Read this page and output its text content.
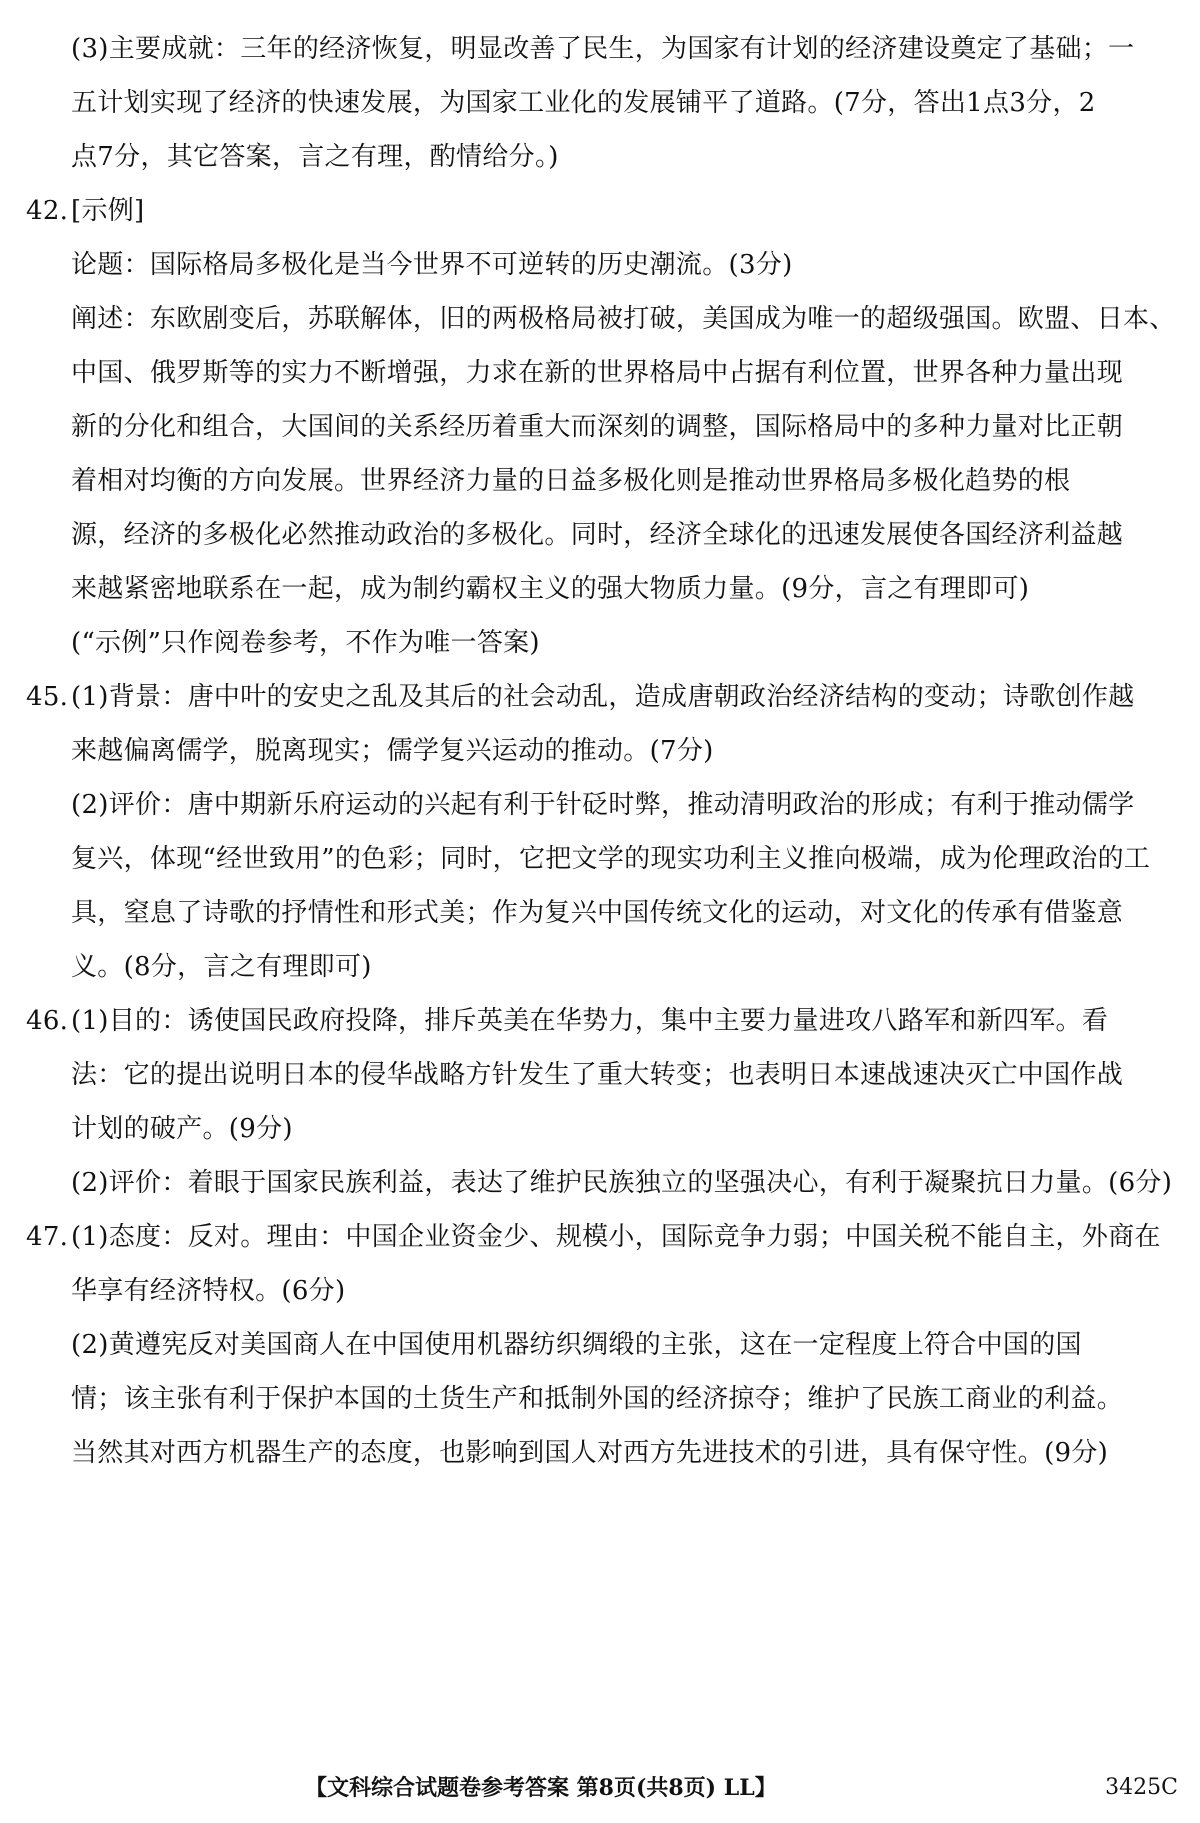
(3)主要成就：三年的经济恢复，明显改善了民生，为国家有计划的经济建设奠定了基础；一
五计划实现了经济的快速发展，为国家工业化的发展铺平了道路。(7分，答出1点3分，2
点7分，其它答案，言之有理，酌情给分。)
42. [示例]
论题：国际格局多极化是当今世界不可逆转的历史潮流。(3分)
阐述：东欧剧变后，苏联解体，旧的两极格局被打破，美国成为唯一的超级强国。欧盟、日本、
中国、俄罗斯等的实力不断增强，力求在新的世界格局中占据有利位置，世界各种力量出现
新的分化和组合，大国间的关系经历着重大而深刻的调整，国际格局中的多种力量对比正朝
着相对均衡的方向发展。世界经济力量的日益多极化则是推动世界格局多极化趋势的根
源，经济的多极化必然推动政治的多极化。同时，经济全球化的迅速发展使各国经济利益越
来越紧密地联系在一起，成为制约霸权主义的强大物质力量。(9分，言之有理即可)
(“示例”只作阅卷参考，不作为唯一答案)
45. (1)背景：唐中叶的安史之乱及其后的社会动乱，造成唐朝政治经济结构的变动；诗歌创作越
来越偏离儒学，脱离现实；儒学复兴运动的推动。(7分)
(2)评价：唐中期新乐府运动的兴起有利于针砭时弊，推动清明政治的形成；有利于推动儒学
复兴，体现“经世致用”的色彩；同时，它把文学的现实功利主义推向极端，成为伦理政治的工
具，窒息了诗歌的抒情性和形式美；作为复兴中国传统文化的运动，对文化的传承有借鉴意
义。(8分，言之有理即可)
46. (1)目的：诱使国民政府投降，排斥英美在华势力，集中主要力量进攻八路军和新四军。看
法：它的提出说明日本的侵华战略方针发生了重大转变；也表明日本速战速决灭亡中国作战
计划的破产。(9分)
(2)评价：着眼于国家民族利益，表达了维护民族独立的坚强决心，有利于凝聚抗日力量。(6分)
47. (1)态度：反对。理由：中国企业资金少、规模小，国际竞争力弱；中国关税不能自主，外商在
华享有经济特权。(6分)
(2)黄遵宪反对美国商人在中国使用机器纺织绸缎的主张，这在一定程度上符合中国的国
情；该主张有利于保护本国的土货生产和抵制外国的经济掠夺；维护了民族工商业的利益。
当然其对西方机器生产的态度，也影响到国人对西方先进技术的引进，具有保守性。(9分)
【文科综合试题卷参考答案 第8页(共8页) LL】	3425C
